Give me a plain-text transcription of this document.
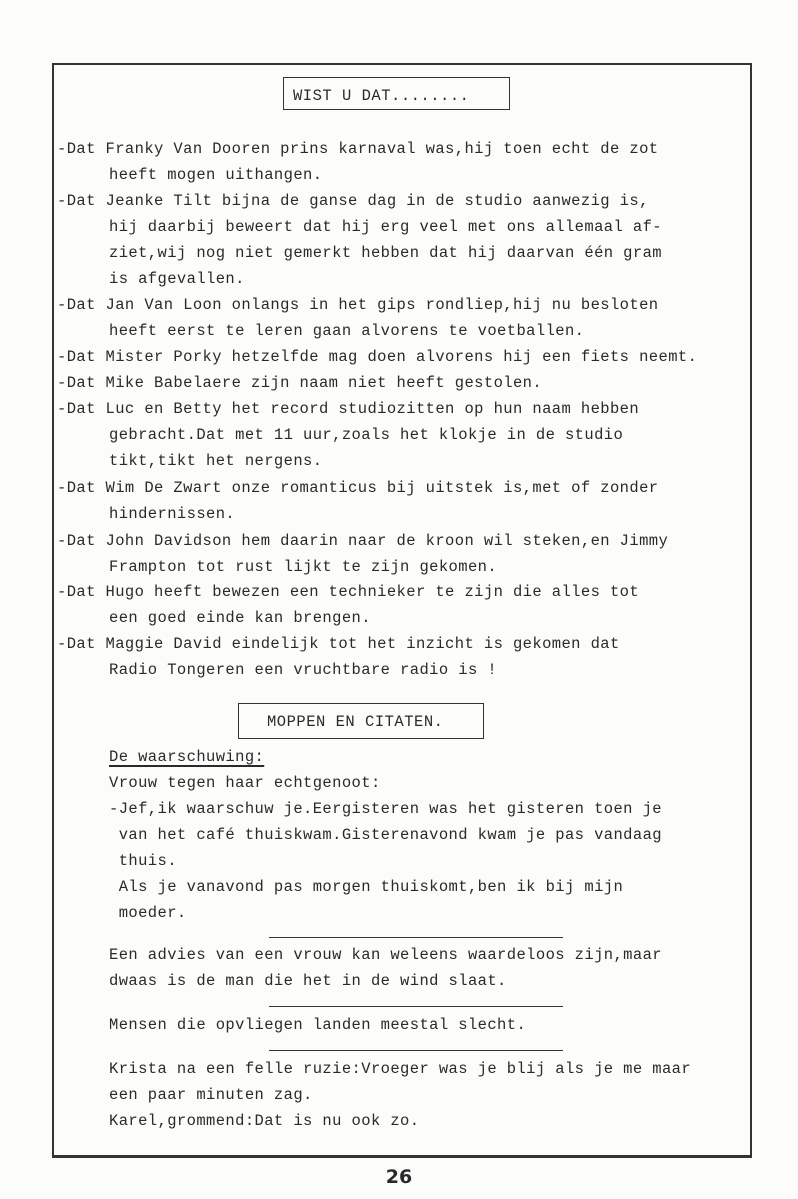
WIST U DAT........
-Dat Franky Van Dooren prins karnaval was,hij toen echt de zot
heeft mogen uithangen.
-Dat Jeanke Tilt bijna de ganse dag in de studio aanwezig is,
hij daarbij beweert dat hij erg veel met ons allemaal af-
ziet,wij nog niet gemerkt hebben dat hij daarvan één gram
is afgevallen.
-Dat Jan Van Loon onlangs in het gips rondliep,hij nu besloten
heeft eerst te leren gaan alvorens te voetballen.
-Dat Mister Porky hetzelfde mag doen alvorens hij een fiets neemt.
-Dat Mike Babelaere zijn naam niet heeft gestolen.
-Dat Luc en Betty het record studiozitten op hun naam hebben
gebracht.Dat met 11 uur,zoals het klokje in de studio
tikt,tikt het nergens.
-Dat Wim De Zwart onze romanticus bij uitstek is,met of zonder
hindernissen.
-Dat John Davidson hem daarin naar de kroon wil steken,en Jimmy
Frampton tot rust lijkt te zijn gekomen.
-Dat Hugo heeft bewezen een technieker te zijn die alles tot
een goed einde kan brengen.
-Dat Maggie David eindelijk tot het inzicht is gekomen dat
Radio Tongeren een vruchtbare radio is !
MOPPEN EN CITATEN.
De waarschuwing:
Vrouw tegen haar echtgenoot:
-Jef,ik waarschuw je.Eergisteren was het gisteren toen je
van het café thuiskwam.Gisterenavond kwam je pas vandaag
thuis.
Als je vanavond pas morgen thuiskomt,ben ik bij mijn
moeder.
Een advies van een vrouw kan weleens waardeloos zijn,maar
dwaas is de man die het in de wind slaat.
Mensen die opvliegen landen meestal slecht.
Krista na een felle ruzie:Vroeger was je blij als je me maar
een paar minuten zag.
Karel,grommend:Dat is nu ook zo.
26
